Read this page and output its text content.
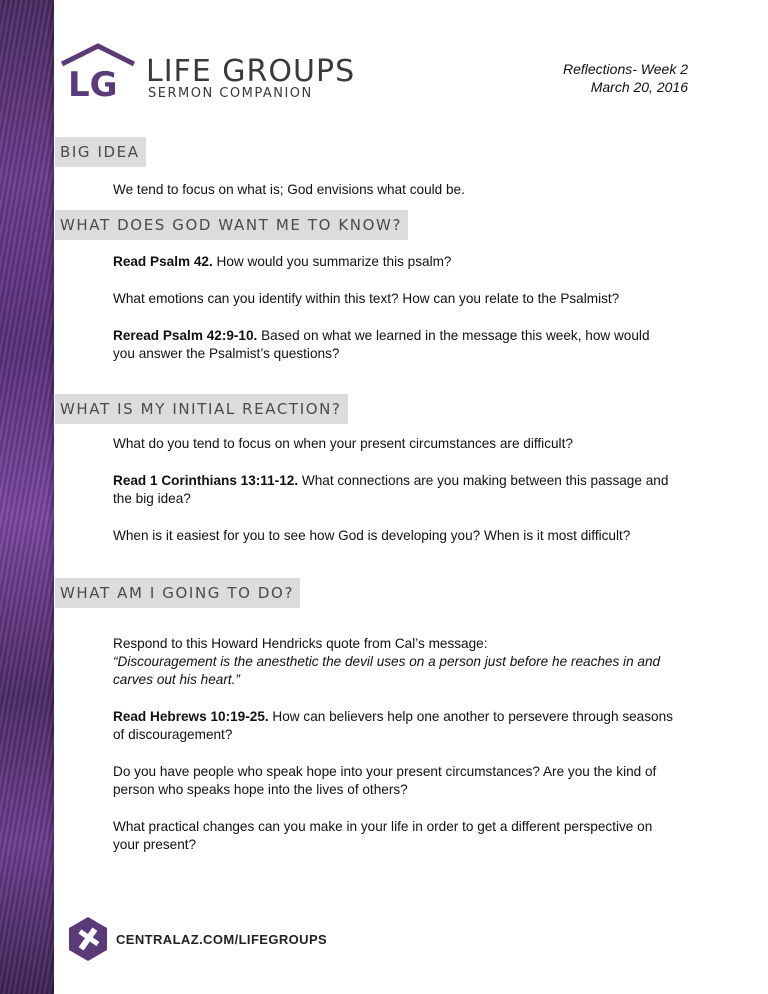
LG LIFE GROUPS
SERMON COMPANION
Reflections- Week 2
March 20, 2016
BIG IDEA

We tend to focus on what is; God envisions what could be.

WHAT DOES GOD WANT ME TO KNOW?

Read Psalm 42. How would you summarize this psalm?

What emotions can you identify within this text? How can you relate to the Psalmist?

Reread Psalm 42:9-10. Based on what we learned in the message this week, how would you answer the Psalmist’s questions?

WHAT IS MY INITIAL REACTION?

What do you tend to focus on when your present circumstances are difficult?

Read 1 Corinthians 13:11-12. What connections are you making between this passage and the big idea?

When is it easiest for you to see how God is developing you? When is it most difficult?

WHAT AM I GOING TO DO?

Respond to this Howard Hendricks quote from Cal’s message:

“Discouragement is the anesthetic the devil uses on a person just before he reaches in and carves out his heart.”

Read Hebrews 10:19-25. How can believers help one another to persevere through seasons of discouragement?

Do you have people who speak hope into your present circumstances? Are you the kind of person who speaks hope into the lives of others?

What practical changes can you make in your life in order to get a different perspective on your present?

CENTRALAZ.COM/LIFEGROUPS
